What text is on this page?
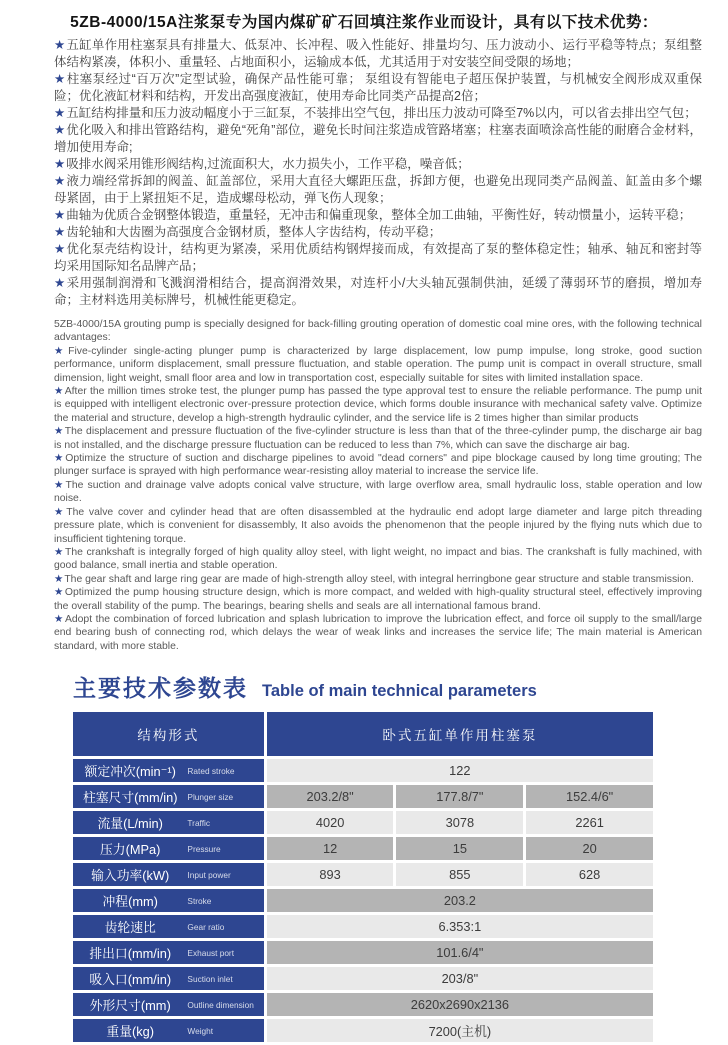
5ZB-4000/15A注浆泵专为国内煤矿矿石回填注浆作业而设计，具有以下技术优势：

★五缸单作用柱塞泵具有排量大、低泵冲、长冲程、吸入性能好、排量均匀、压力波动小、运行平稳等特点；泵组整体结构紧凑，体积小、重量轻、占地面积小，运输成本低，尤其适用于对安装空间受限的场地；

★柱塞泵经过“百万次”定型试验，确保产品性能可靠； 泵组设有智能电子超压保护装置，与机械安全阀形成双重保险；优化液缸材料和结构，开发出高强度液缸，使用寿命比同类产品提高2倍；

★五缸结构排量和压力波动幅度小于三缸泵，不装排出空气包，排出压力波动可降至7%以内，可以省去排出空气包；

★优化吸入和排出管路结构，避免“死角”部位，避免长时间注浆造成管路堵塞；柱塞表面喷涂高性能的耐磨合金材料，增加使用寿命;

★吸排水阀采用锥形阀结构,过流面积大，水力损失小，工作平稳，噪音低；

★液力端经常拆卸的阀盖、缸盖部位，采用大直径大螺距压盘，拆卸方便，也避免出现同类产品阀盖、缸盖由多个螺母紧固，由于上紧扭矩不足，造成螺母松动，弹飞伤人现象；

★曲轴为优质合金钢整体锻造，重量轻，无冲击和偏重现象，整体全加工曲轴，平衡性好，转动惯量小，运转平稳；

★齿轮轴和大齿圈为高强度合金钢材质，整体人字齿结构，传动平稳；

★优化泵壳结构设计，结构更为紧凑，采用优质结构钢焊接而成，有效提高了泵的整体稳定性；轴承、轴瓦和密封等均采用国际知名品牌产品；

★采用强制润滑和飞溅润滑相结合，提高润滑效果，对连杆小/大头轴瓦强制供油，延缓了薄弱环节的磨损，增加寿命；主材料选用美标牌号，机械性能更稳定。

5ZB-4000/15A grouting pump is specially designed for back-filling grouting operation of domestic coal mine ores, with the following technical advantages:

★Five-cylinder single-acting plunger pump is characterized by large displacement, low pump impulse, long stroke, good suction performance, uniform displacement, small pressure fluctuation, and stable operation. The pump unit is compact in overall structure, small dimension, light weight, small floor area and low in transportation cost, especially suitable for sites with limited installation space.

★After the million times stroke test, the plunger pump has passed the type approval test to ensure the reliable performance. The pump unit is equipped with intelligent electronic over-pressure protection device, which forms double insurance with mechanical safety valve. Optimize the material and structure, develop a high-strength hydraulic cylinder, and the service life is 2 times higher than similar products

★The displacement and pressure fluctuation of the five-cylinder structure is less than that of the three-cylinder pump, the discharge air bag is not installed, and the discharge pressure fluctuation can be reduced to less than 7%, which can save the discharge air bag.

★Optimize the structure of suction and discharge pipelines to avoid "dead corners" and pipe blockage caused by long time grouting; The plunger surface is sprayed with high performance wear-resisting alloy material to increase the service life.

★The suction and drainage valve adopts conical valve structure, with large overflow area, small hydraulic loss, stable operation and low noise.

★The valve cover and cylinder head that are often disassembled at the hydraulic end adopt large diameter and large pitch threading pressure plate, which is convenient for disassembly, It also avoids the phenomenon that the people injured by the flying nuts which due to insufficient tightening torque.

★The crankshaft is integrally forged of high quality alloy steel, with light weight, no impact and bias. The crankshaft is fully machined, with good balance, small inertia and stable operation.

★The gear shaft and large ring gear are made of high-strength alloy steel, with integral herringbone gear structure and stable transmission.

★Optimized the pump housing structure design, which is more compact, and welded with high-quality structural steel, effectively improving the overall stability of the pump. The bearings, bearing shells and seals are all international famous brand.

★Adopt the combination of forced lubrication and splash lubrication to improve the lubrication effect, and force oil supply to the small/large end bearing bush of connecting rod, which delays the wear of weak links and increases the service life; The main material is American standard, with more stable.

主要技术参数表 Table of main technical parameters
结构形式	卧式五缸单作用柱塞泵		

额定冲次(min⁻¹) Rated stroke	122		

柱塞尺寸(mm/in) Plunger size	203.2/8"	177.8/7"	152.4/6"

流量(L/min) Traffic	4020	3078	2261

压力(MPa) Pressure	12	15	20

输入功率(kW) Input power	893	855	628

冲程(mm) Stroke	203.2		

齿轮速比 Gear ratio	6.353:1		

排出口(mm/in) Exhaust port	101.6/4"		

吸入口(mm/in) Suction inlet	203/8"		

外形尺寸(mm) Outline dimension	2620x2690x2136		

重量(kg) Weight	7200(主机)		
